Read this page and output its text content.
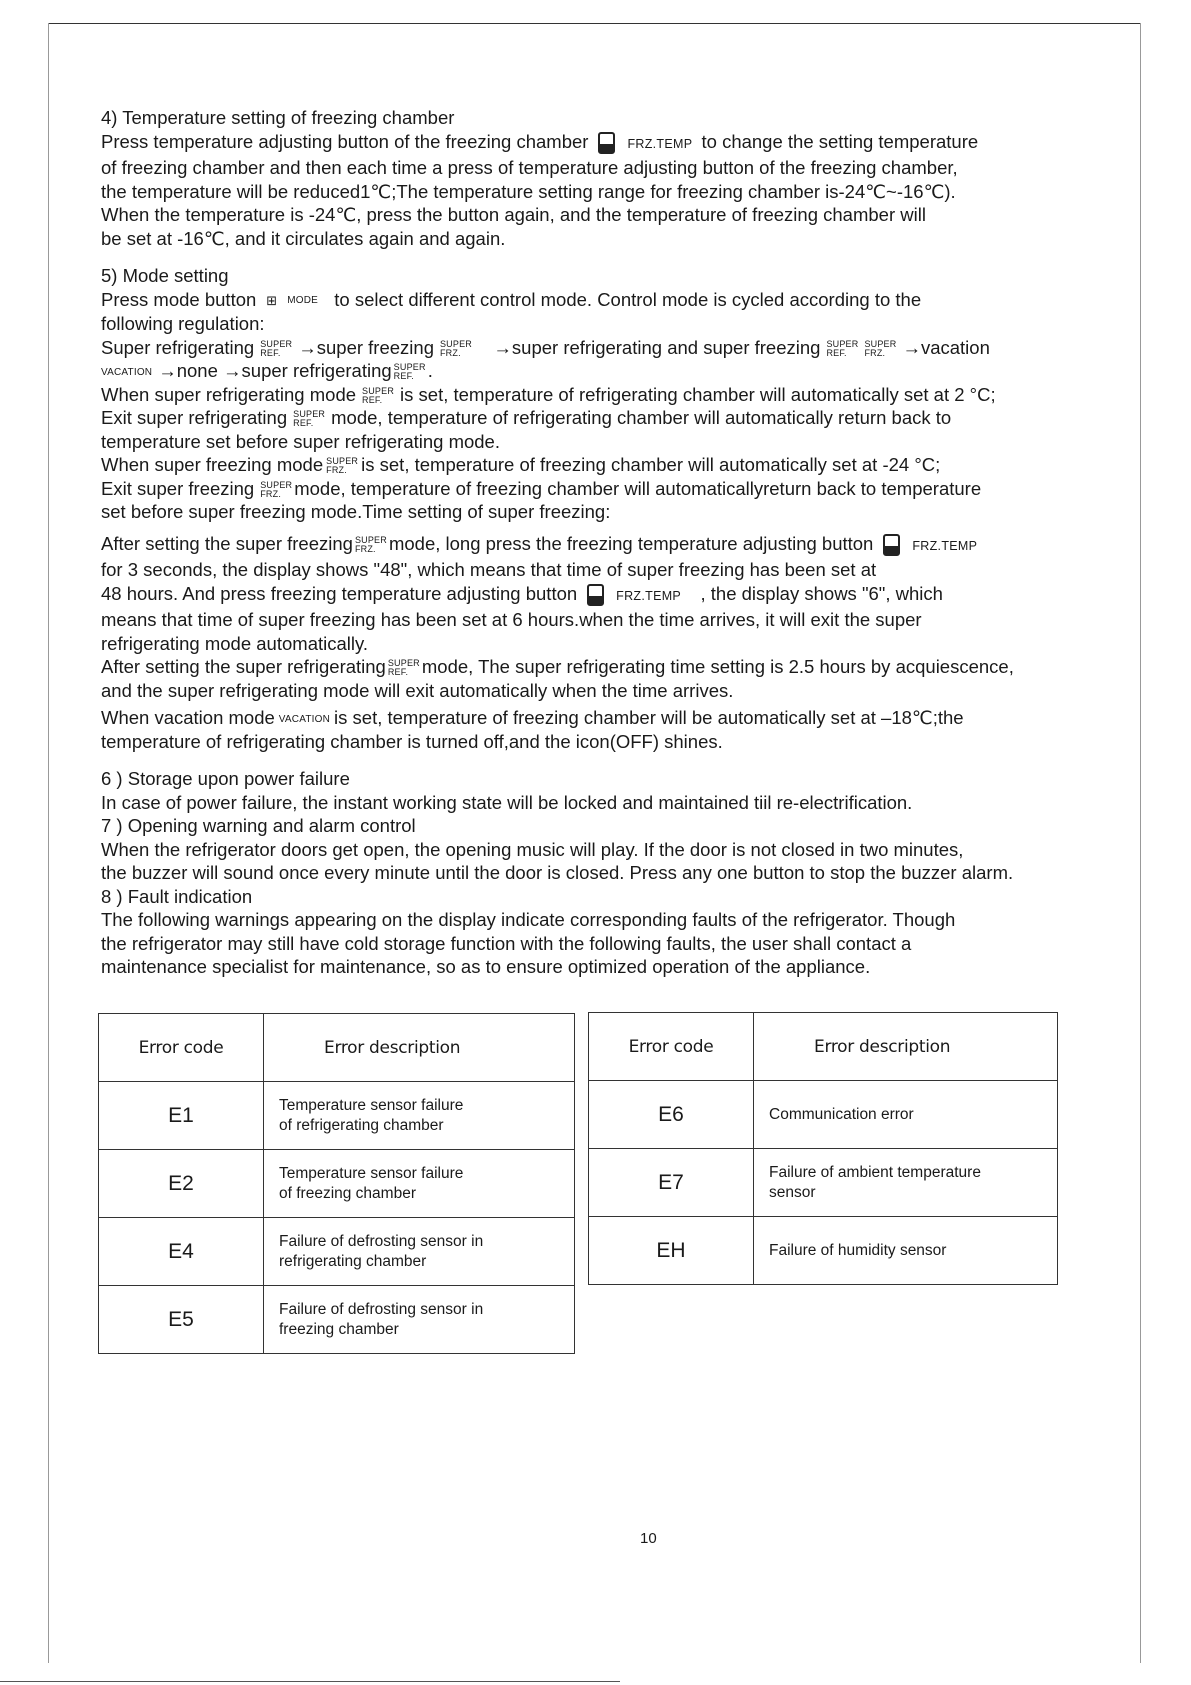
4) Temperature setting of freezing chamber

Press temperature adjusting button of the freezing chamber	FRZ.TEMP to change the setting temperature

of freezing chamber and then each time a press of temperature adjusting button of the freezing chamber,

the temperature will be reduced1℃;The temperature setting range for freezing chamber is-24℃~-16℃).

When the temperature is -24℃, press the button again, and the temperature of freezing chamber will

be set at -16℃, and it circulates again and again.

5) Mode setting

Press mode button ⊞ MODE to select different control mode. Control mode is cycled according to the

following regulation:

Super refrigerating SUPER
REF. →super freezing SUPER
FRZ. →super refrigerating and super freezing SUPER
REF.SUPER
FRZ. →vacation

VACATION →none →super refrigerating SUPER
REF. .

When super refrigerating mode SUPER
REF. is set, temperature of refrigerating chamber will automatically set at 2 °C;

Exit super refrigerating SUPER
REF. mode, temperature of refrigerating chamber will automatically return back to

temperature set before super refrigerating mode.

When super freezing mode SUPER
FRZ. is set, temperature of freezing chamber will automatically set at -24 °C;

Exit super freezing SUPER
FRZ. mode, temperature of freezing chamber will automaticallyreturn back to temperature

set before super freezing mode.Time setting of super freezing:

After setting the super freezing SUPER
FRZ. mode, long press the freezing temperature adjusting button	FRZ.TEMP

for 3 seconds, the display shows "48", which means that time of super freezing has been set at

48 hours. And press freezing temperature adjusting button	FRZ.TEMP , the display shows "6", which

means that time of super freezing has been set at 6 hours.when the time arrives, it will exit the super

refrigerating mode automatically.

After setting the super refrigerating SUPER
REF. mode, The super refrigerating time setting is 2.5 hours by acquiescence,

and the super refrigerating mode will exit automatically when the time arrives.

When vacation mode VACATION is set, temperature of freezing chamber will be automatically set at –18℃;the

temperature of refrigerating chamber is turned off,and the icon(OFF) shines.

6 ) Storage upon power failure

In case of power failure, the instant working state will be locked and maintained tiil re-electrification.

7 ) Opening warning and alarm control

When the refrigerator doors get open, the opening music will play. If the door is not closed in two minutes,

the buzzer will sound once every minute until the door is closed. Press any one button to stop the buzzer alarm.

8 ) Fault indication

The following warnings appearing on the display indicate corresponding faults of the refrigerator. Though

the refrigerator may still have cold storage function with the following faults, the user shall contact a

maintenance specialist for maintenance, so as to ensure optimized operation of the appliance.

Error code	Error description
E1	Temperature sensor failure
of refrigerating chamber
E2	Temperature sensor failure
of freezing chamber
E4	Failure of defrosting sensor in
refrigerating chamber
E5	Failure of defrosting sensor in
freezing chamber
Error code	Error description
E6	Communication error
E7	Failure of ambient temperature
sensor
EH	Failure of humidity sensor
10
